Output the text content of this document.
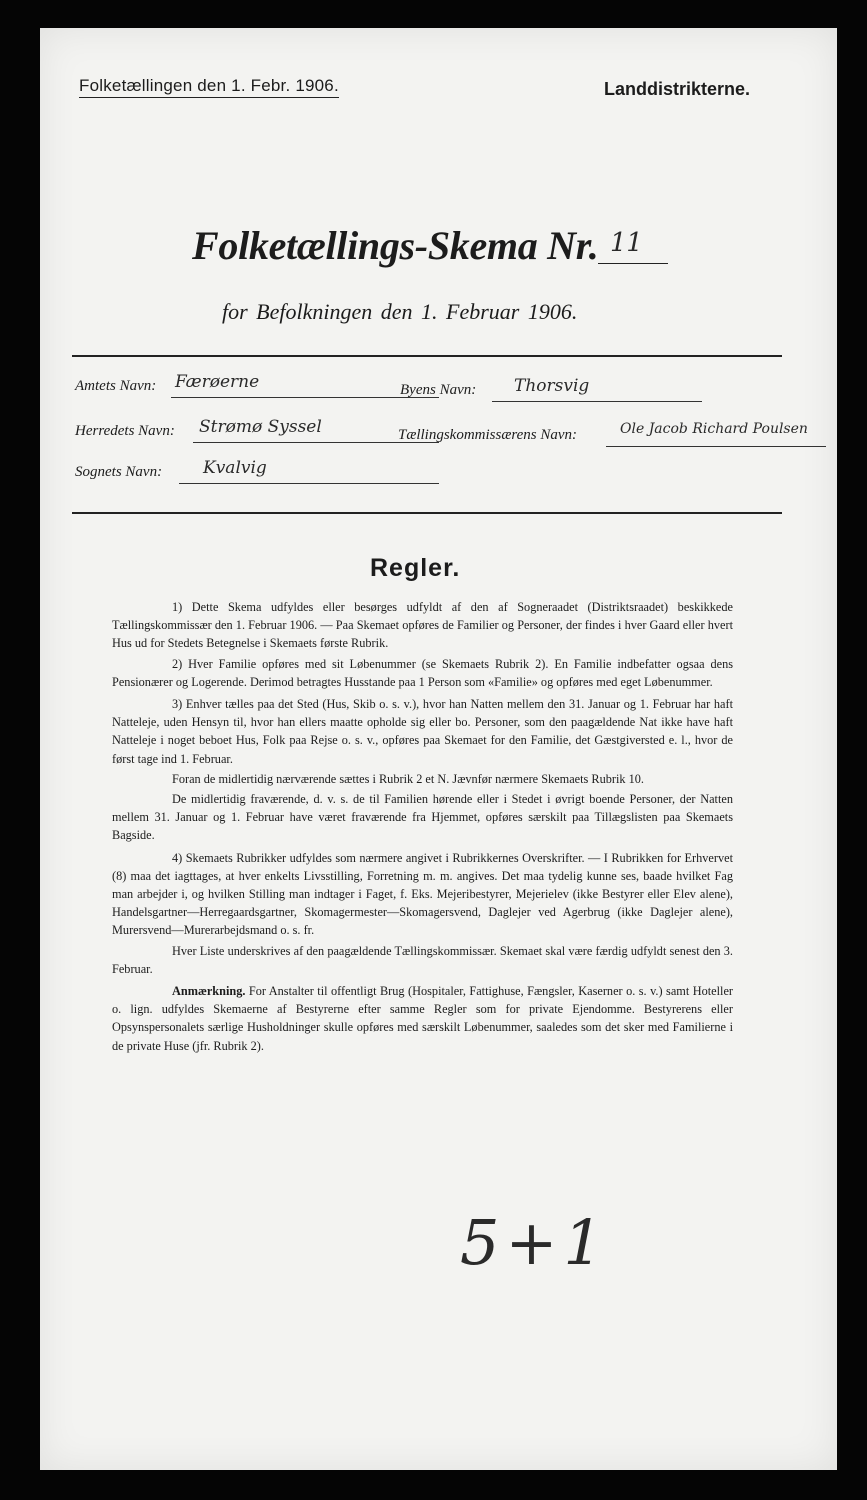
Folketællingen den 1. Febr. 1906.	Landdistrikterne.
Folketællings-Skema Nr. 11
for Befolkningen den 1. Februar 1906.
Amtets Navn: Færøerne	Byens Navn: Thorsvig
Herredets Navn: Strømø Syssel	Tællingskommissærens Navn:	Ole Jacob Richard Poulsen
Sognets Navn: Kvalvig
Regler.

1) Dette Skema udfyldes eller besørges udfyldt af den af Sogneraadet (Distriktsraadet) beskikkede Tællingskommissær den 1. Februar 1906. — Paa Skemaet opføres de Familier og Personer, der findes i hver Gaard eller hvert Hus ud for Stedets Betegnelse i Skemaets første Rubrik.

2) Hver Familie opføres med sit Løbenummer (se Skemaets Rubrik 2). En Familie indbefatter ogsaa dens Pensionærer og Logerende. Derimod betragtes Husstande paa 1 Person som «Familie» og opføres med eget Løbenummer.

3) Enhver tælles paa det Sted (Hus, Skib o. s. v.), hvor han Natten mellem den 31. Januar og 1. Februar har haft Natteleje, uden Hensyn til, hvor han ellers maatte opholde sig eller bo. Personer, som den paagældende Nat ikke have haft Natteleje i noget beboet Hus, Folk paa Rejse o. s. v., opføres paa Skemaet for den Familie, det Gæstgiversted e. l., hvor de først tage ind 1. Februar.

Foran de midlertidig nærværende sættes i Rubrik 2 et N. Jævnfør nærmere Skemaets Rubrik 10.

De midlertidig fraværende, d. v. s. de til Familien hørende eller i Stedet i øvrigt boende Personer, der Natten mellem 31. Januar og 1. Februar have været fraværende fra Hjemmet, opføres særskilt paa Tillægslisten paa Skemaets Bagside.

4) Skemaets Rubrikker udfyldes som nærmere angivet i Rubrikkernes Overskrifter. — I Rubrikken for Erhvervet (8) maa det iagttages, at hver enkelts Livsstilling, Forretning m. m. angives. Det maa tydelig kunne ses, baade hvilket Fag man arbejder i, og hvilken Stilling man indtager i Faget, f. Eks. Mejeribestyrer, Mejerielev (ikke Bestyrer eller Elev alene), Handelsgartner—Herregaardsgartner, Skomagermester—Skomagersvend, Daglejer ved Agerbrug (ikke Daglejer alene), Murersvend—Murerarbejdsmand o. s. fr.

Hver Liste underskrives af den paagældende Tællingskommissær. Skemaet skal være færdig udfyldt senest den 3. Februar.

Anmærkning. For Anstalter til offentligt Brug (Hospitaler, Fattighuse, Fængsler, Kaserner o. s. v.) samt Hoteller o. lign. udfyldes Skemaerne af Bestyrerne efter samme Regler som for private Ejendomme. Bestyrerens eller Opsynspersonalets særlige Husholdninger skulle opføres med særskilt Løbenummer, saaledes som det sker med Familierne i de private Huse (jfr. Rubrik 2).

5+1
